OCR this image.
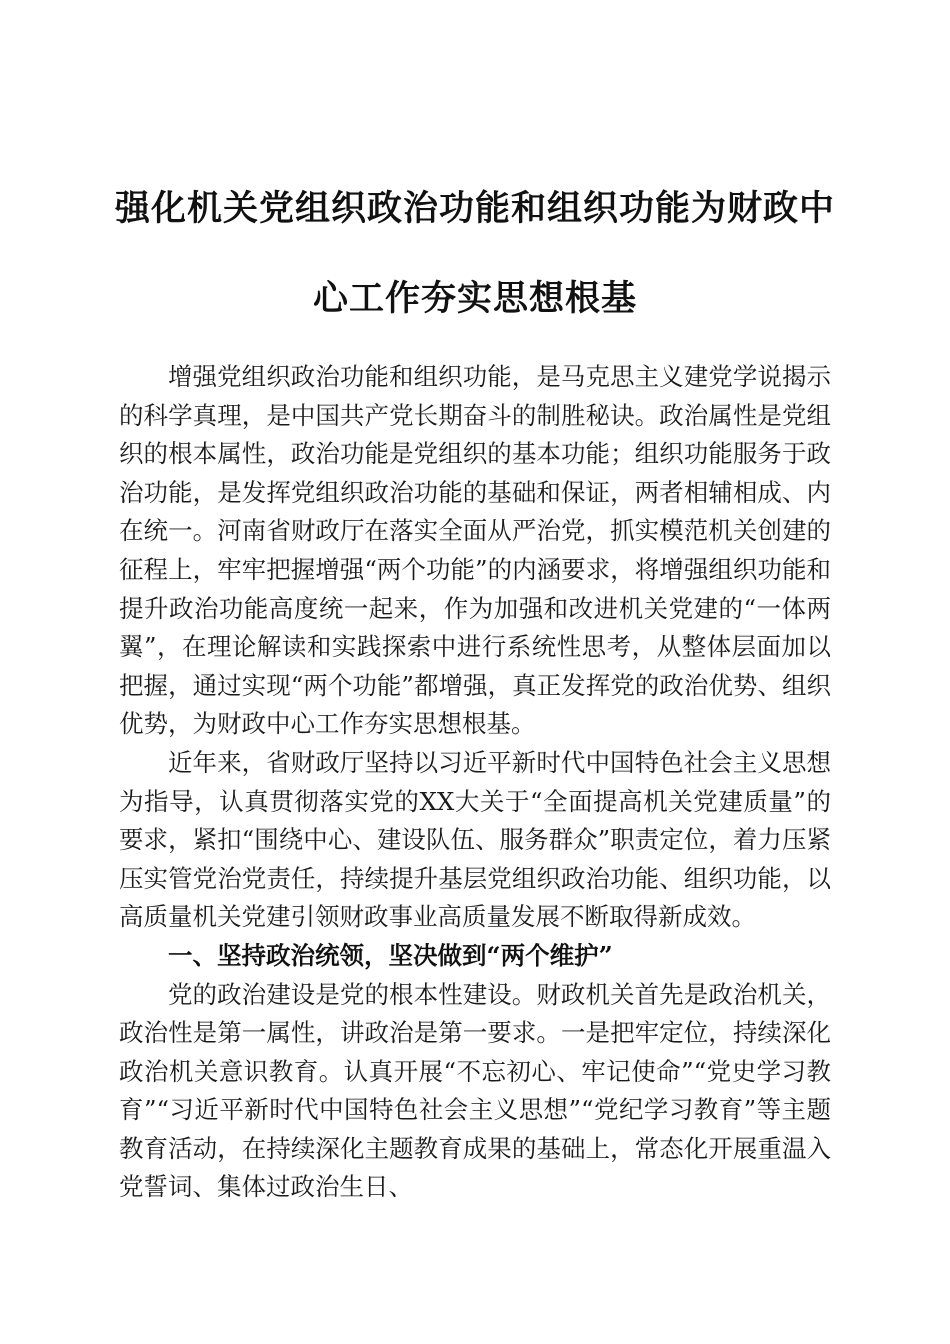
强化机关党组织政治功能和组织功能为财政中心工作夯实思想根基

增强党组织政治功能和组织功能，是马克思主义建党学说揭示的科学真理，是中国共产党长期奋斗的制胜秘诀。政治属性是党组织的根本属性，政治功能是党组织的基本功能；组织功能服务于政治功能，是发挥党组织政治功能的基础和保证，两者相辅相成、内在统一。河南省财政厅在落实全面从严治党，抓实模范机关创建的征程上，牢牢把握增强“两个功能”的内涵要求，将增强组织功能和提升政治功能高度统一起来，作为加强和改进机关党建的“一体两翼”，在理论解读和实践探索中进行系统性思考，从整体层面加以把握，通过实现“两个功能”都增强，真正发挥党的政治优势、组织优势，为财政中心工作夯实思想根基。

近年来，省财政厅坚持以习近平新时代中国特色社会主义思想为指导，认真贯彻落实党的XX大关于“全面提高机关党建质量”的要求，紧扣“围绕中心、建设队伍、服务群众”职责定位，着力压紧压实管党治党责任，持续提升基层党组织政治功能、组织功能，以高质量机关党建引领财政事业高质量发展不断取得新成效。

一、坚持政治统领，坚决做到“两个维护”

党的政治建设是党的根本性建设。财政机关首先是政治机关，政治性是第一属性，讲政治是第一要求。一是把牢定位，持续深化政治机关意识教育。认真开展“不忘初心、牢记使命”“党史学习教育”“习近平新时代中国特色社会主义思想”“党纪学习教育”等主题教育活动，在持续深化主题教育成果的基础上，常态化开展重温入党誓词、集体过政治生日、
